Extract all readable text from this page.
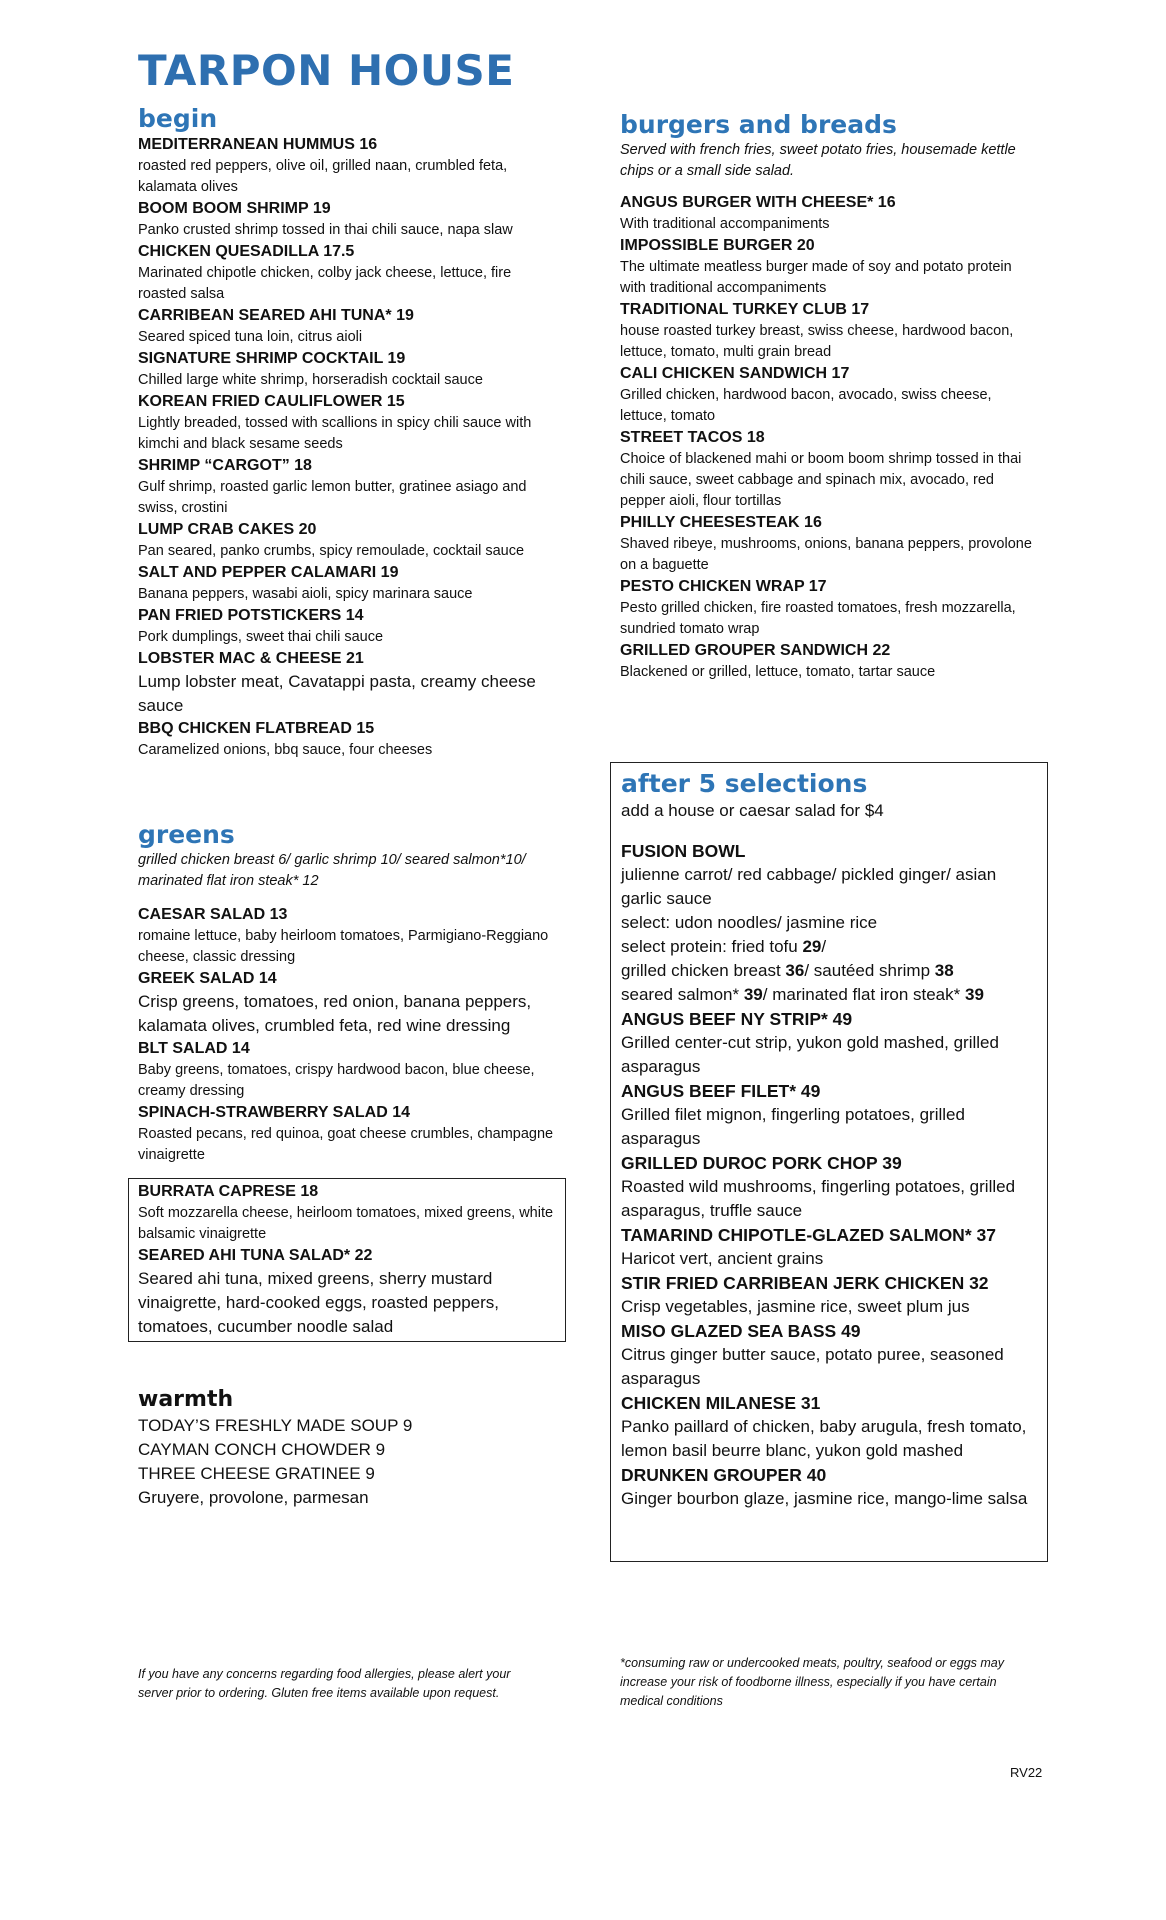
TARPON HOUSE
begin

MEDITERRANEAN HUMMUS 16

roasted red peppers, olive oil, grilled naan, crumbled feta, kalamata olives

BOOM BOOM SHRIMP 19

Panko crusted shrimp tossed in thai chili sauce, napa slaw

CHICKEN QUESADILLA 17.5

Marinated chipotle chicken, colby jack cheese, lettuce, fire roasted salsa

CARRIBEAN SEARED AHI TUNA* 19

Seared spiced tuna loin, citrus aioli

SIGNATURE SHRIMP COCKTAIL 19

Chilled large white shrimp, horseradish cocktail sauce

KOREAN FRIED CAULIFLOWER 15

Lightly breaded, tossed with scallions in spicy chili sauce with kimchi and black sesame seeds

SHRIMP “CARGOT” 18

Gulf shrimp, roasted garlic lemon butter, gratinee asiago and swiss, crostini

LUMP CRAB CAKES 20

Pan seared, panko crumbs, spicy remoulade, cocktail sauce

SALT AND PEPPER CALAMARI 19

Banana peppers, wasabi aioli, spicy marinara sauce

PAN FRIED POTSTICKERS 14

Pork dumplings, sweet thai chili sauce

LOBSTER MAC & CHEESE 21

Lump lobster meat, Cavatappi pasta, creamy cheese sauce

BBQ CHICKEN FLATBREAD 15

Caramelized onions, bbq sauce, four cheeses

greens

grilled chicken breast 6/ garlic shrimp 10/ seared salmon*10/ marinated flat iron steak* 12

CAESAR SALAD 13

romaine lettuce, baby heirloom tomatoes, Parmigiano-Reggiano cheese, classic dressing

GREEK SALAD 14

Crisp greens, tomatoes, red onion, banana peppers, kalamata olives, crumbled feta, red wine dressing

BLT SALAD 14

Baby greens, tomatoes, crispy hardwood bacon, blue cheese, creamy dressing

SPINACH-STRAWBERRY SALAD 14

Roasted pecans, red quinoa, goat cheese crumbles, champagne vinaigrette

BURRATA CAPRESE 18

Soft mozzarella cheese, heirloom tomatoes, mixed greens, white balsamic vinaigrette

SEARED AHI TUNA SALAD* 22

Seared ahi tuna, mixed greens, sherry mustard vinaigrette, hard-cooked eggs, roasted peppers, tomatoes, cucumber noodle salad

warmth

TODAY’S FRESHLY MADE SOUP 9

CAYMAN CONCH CHOWDER 9

THREE CHEESE GRATINEE 9

Gruyere, provolone, parmesan

burgers and breads

Served with french fries, sweet potato fries, housemade kettle chips or a small side salad.

ANGUS BURGER WITH CHEESE* 16

With traditional accompaniments

IMPOSSIBLE BURGER 20

The ultimate meatless burger made of soy and potato protein with traditional accompaniments

TRADITIONAL TURKEY CLUB 17

house roasted turkey breast, swiss cheese, hardwood bacon, lettuce, tomato, multi grain bread

CALI CHICKEN SANDWICH 17

Grilled chicken, hardwood bacon, avocado, swiss cheese, lettuce, tomato

STREET TACOS 18

Choice of blackened mahi or boom boom shrimp tossed in thai chili sauce, sweet cabbage and spinach mix, avocado, red pepper aioli, flour tortillas

PHILLY CHEESESTEAK 16

Shaved ribeye, mushrooms, onions, banana peppers, provolone on a baguette

PESTO CHICKEN WRAP 17

Pesto grilled chicken, fire roasted tomatoes, fresh mozzarella, sundried tomato wrap

GRILLED GROUPER SANDWICH 22

Blackened or grilled, lettuce, tomato, tartar sauce

after 5 selections

add a house or caesar salad for $4

FUSION BOWL

julienne carrot/ red cabbage/ pickled ginger/ asian garlic sauce

select: udon noodles/ jasmine rice

select protein: fried tofu 29/

grilled chicken breast 36/ sautéed shrimp 38

seared salmon* 39/ marinated flat iron steak* 39

ANGUS BEEF NY STRIP* 49

Grilled center-cut strip, yukon gold mashed, grilled asparagus

ANGUS BEEF FILET* 49

Grilled filet mignon, fingerling potatoes, grilled asparagus

GRILLED DUROC PORK CHOP 39

Roasted wild mushrooms, fingerling potatoes, grilled asparagus, truffle sauce

TAMARIND CHIPOTLE-GLAZED SALMON* 37

Haricot vert, ancient grains

STIR FRIED CARRIBEAN JERK CHICKEN 32

Crisp vegetables, jasmine rice, sweet plum jus

MISO GLAZED SEA BASS 49

Citrus ginger butter sauce, potato puree, seasoned asparagus

CHICKEN MILANESE 31

Panko paillard of chicken, baby arugula, fresh tomato, lemon basil beurre blanc, yukon gold mashed

DRUNKEN GROUPER 40

Ginger bourbon glaze, jasmine rice, mango-lime salsa

If you have any concerns regarding food allergies, please alert your server prior to ordering. Gluten free items available upon request.

*consuming raw or undercooked meats, poultry, seafood or eggs may increase your risk of foodborne illness, especially if you have certain medical conditions

RV22
